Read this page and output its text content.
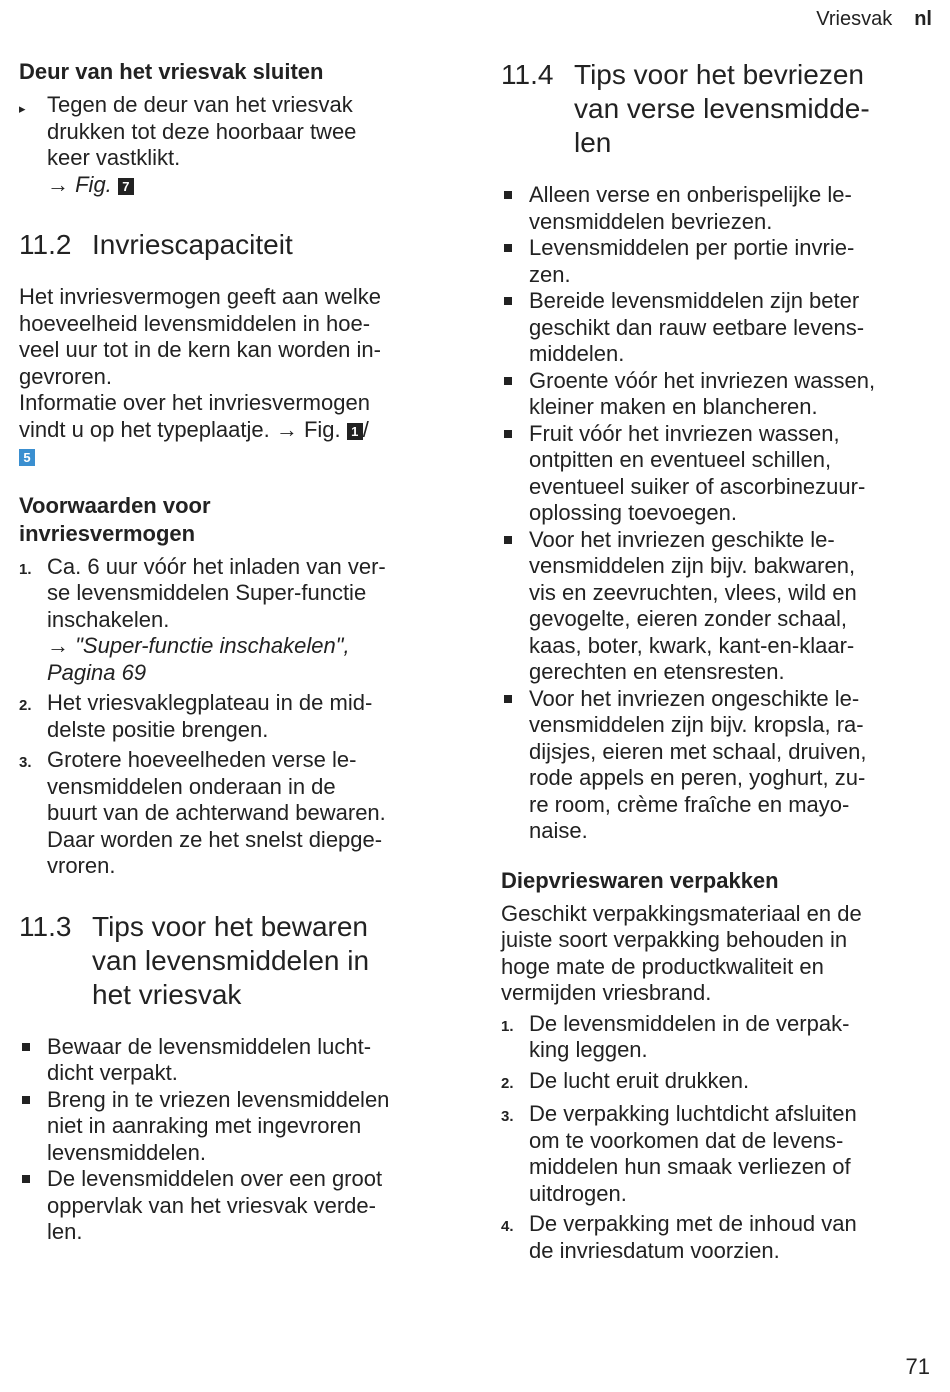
Vriesvak nl
Deur van het vriesvak sluiten
▸ Tegen de deur van het vriesvak
drukken tot deze hoorbaar twee
keer vastklikt.
→ Fig. 7
11.2 Invriescapaciteit

Het invriesvermogen geeft aan welke
hoeveelheid levensmiddelen in hoe-
veel uur tot in de kern kan worden in-
gevroren.
Informatie over het invriesvermogen
vindt u op het typeplaatje. → Fig. 1 /
5

Voorwaarden voor
invriesvermogen
1. Ca. 6 uur vóór het inladen van ver-
se levensmiddelen Super-functie
inschakelen.
→ "Super-functie inschakelen",
Pagina 69
2. Het vriesvaklegplateau in de mid-
delste positie brengen.
3. Grotere hoeveelheden verse le-
vensmiddelen onderaan in de
buurt van de achterwand bewaren.
Daar worden ze het snelst diepge-
vroren.
11.3 Tips voor het bewaren
van levensmiddelen in
het vriesvak
Bewaar de levensmiddelen lucht-
dicht verpakt.
Breng in te vriezen levensmiddelen
niet in aanraking met ingevroren
levensmiddelen.
De levensmiddelen over een groot
oppervlak van het vriesvak verde-
len.
11.4 Tips voor het bevriezen
van verse levensmidde-
len
Alleen verse en onberispelijke le-
vensmiddelen bevriezen.
Levensmiddelen per portie invrie-
zen.
Bereide levensmiddelen zijn beter
geschikt dan rauw eetbare levens-
middelen.
Groente vóór het invriezen wassen,
kleiner maken en blancheren.
Fruit vóór het invriezen wassen,
ontpitten en eventueel schillen,
eventueel suiker of ascorbinezuur-
oplossing toevoegen.
Voor het invriezen geschikte le-
vensmiddelen zijn bijv. bakwaren,
vis en zeevruchten, vlees, wild en
gevogelte, eieren zonder schaal,
kaas, boter, kwark, kant-en-klaar-
gerechten en etensresten.
Voor het invriezen ongeschikte le-
vensmiddelen zijn bijv. kropsla, ra-
dijsjes, eieren met schaal, druiven,
rode appels en peren, yoghurt, zu-
re room, crème fraîche en mayo-
naise.
Diepvrieswaren verpakken

Geschikt verpakkingsmateriaal en de
juiste soort verpakking behouden in
hoge mate de productkwaliteit en
vermijden vriesbrand.

1. De levensmiddelen in de verpak-
king leggen.
2. De lucht eruit drukken.
3. De verpakking luchtdicht afsluiten
om te voorkomen dat de levens-
middelen hun smaak verliezen of
uitdrogen.
4. De verpakking met de inhoud van
de invriesdatum voorzien.
71
